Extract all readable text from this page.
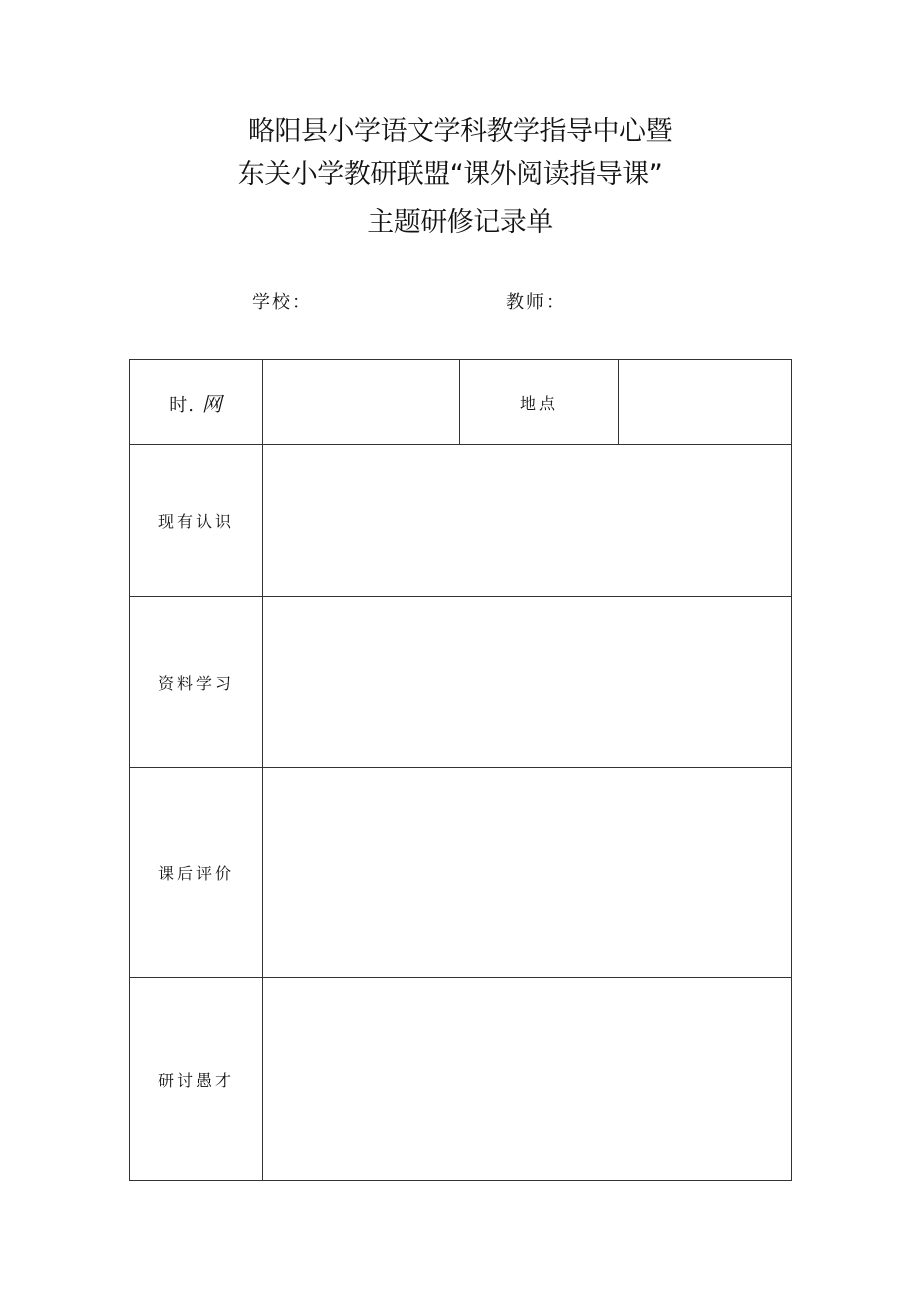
略阳县小学语文学科教学指导中心暨
东关小学教研联盟“课外阅读指导课”
主题研修记录单
学校：	教师：
时. 网		地点	
现有认识			
资料学习			
课后评价			
研讨愚才			
